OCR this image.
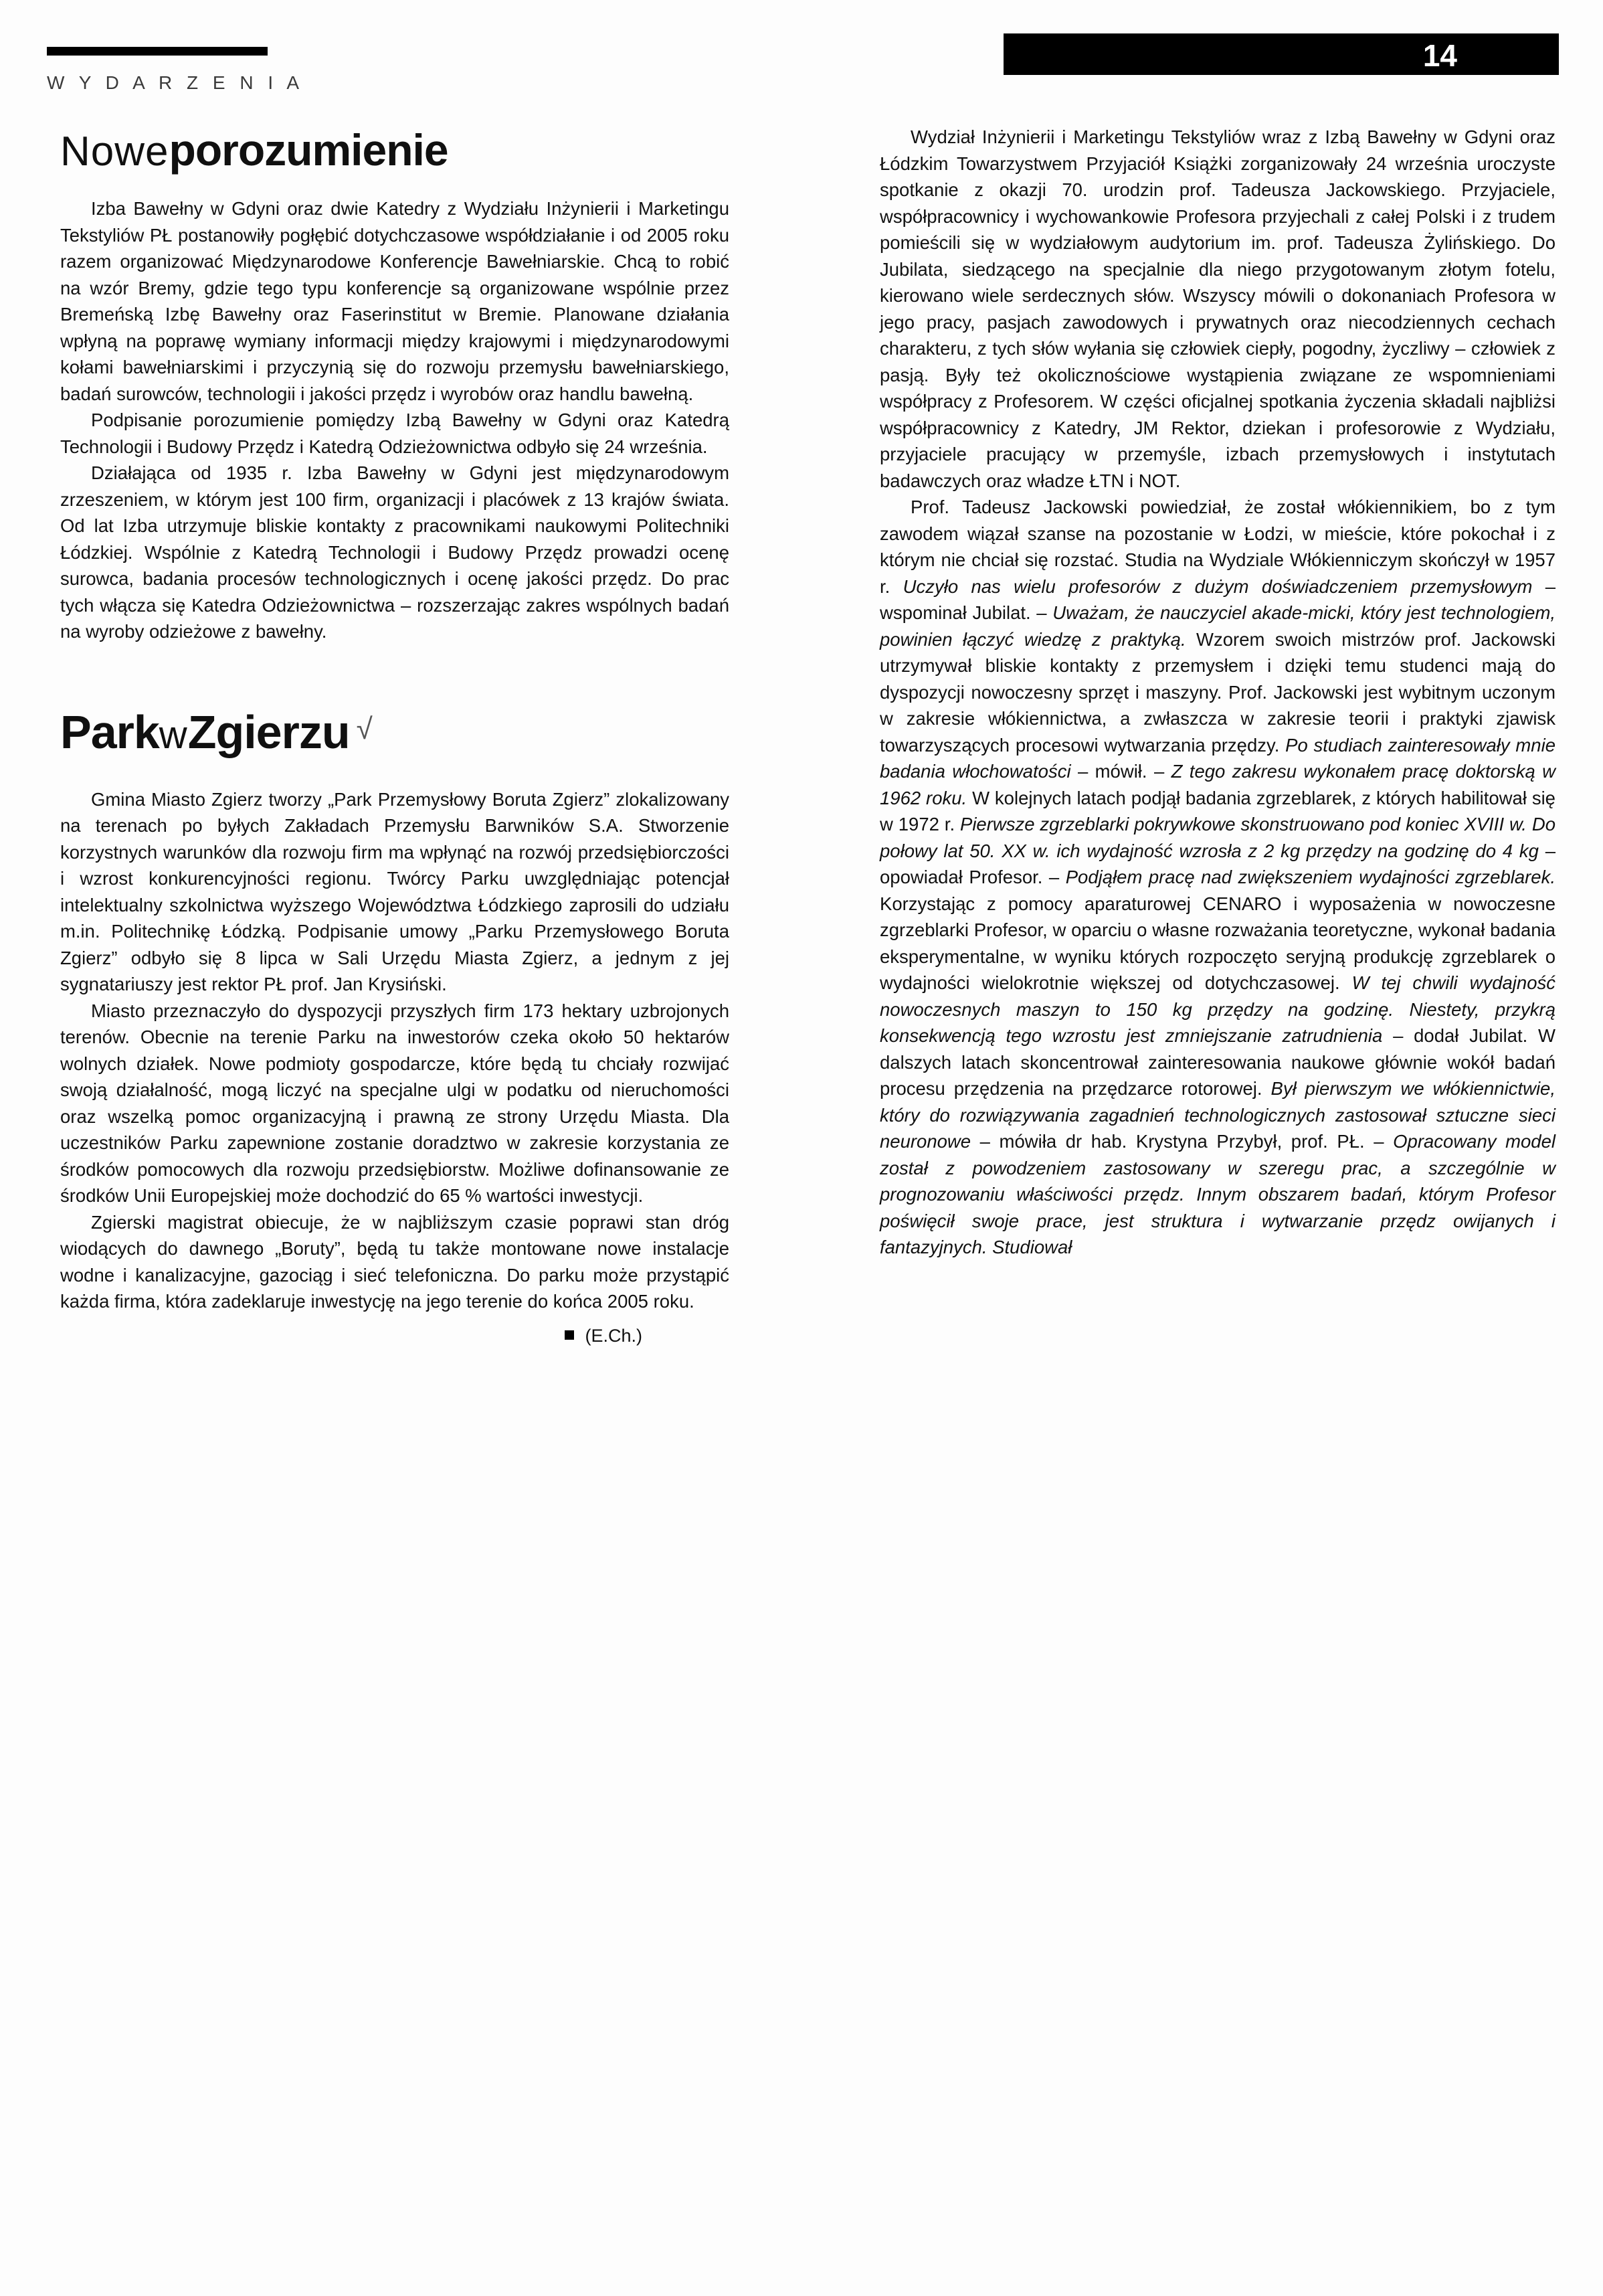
Życie Uczelni 10/2004 14
W Y D A R Z E N I A
Nowe porozumienie

Izba Bawełny w Gdyni oraz dwie Katedry z Wydziału Inżynierii i Marketingu Tekstyliów PŁ postanowiły pogłębić dotychczasowe współdziałanie i od 2005 roku razem organizować Międzynarodowe Konferencje Bawełniarskie. Chcą to robić na wzór Bremy, gdzie tego typu konferencje są organizowane wspólnie przez Bremeńską Izbę Bawełny oraz Faserinstitut w Bremie. Planowane działania wpłyną na poprawę wymiany informacji między krajowymi i międzynarodowymi kołami bawełniarskimi i przyczynią się do rozwoju przemysłu bawełniarskiego, badań surowców, technologii i jakości przędz i wyrobów oraz handlu bawełną.

Podpisanie porozumienie pomiędzy Izbą Bawełny w Gdyni oraz Katedrą Technologii i Budowy Przędz i Katedrą Odzieżownictwa odbyło się 24 września.

Działająca od 1935 r. Izba Bawełny w Gdyni jest międzynarodowym zrzeszeniem, w którym jest 100 firm, organizacji i placówek z 13 krajów świata. Od lat Izba utrzymuje bliskie kontakty z pracownikami naukowymi Politechniki Łódzkiej. Wspólnie z Katedrą Technologii i Budowy Przędz prowadzi ocenę surowca, badania procesów technologicznych i ocenę jakości przędz. Do prac tych włącza się Katedra Odzieżownictwa – rozszerzając zakres wspólnych badań na wyroby odzieżowe z bawełny.

Park w Zgierzu √

Gmina Miasto Zgierz tworzy „Park Przemysłowy Boruta Zgierz” zlokalizowany na terenach po byłych Zakładach Przemysłu Barwników S.A. Stworzenie korzystnych warunków dla rozwoju firm ma wpłynąć na rozwój przedsiębiorczości i wzrost konkurencyjności regionu. Twórcy Parku uwzględniając potencjał intelektualny szkolnictwa wyższego Województwa Łódzkiego zaprosili do udziału m.in. Politechnikę Łódzką. Podpisanie umowy „Parku Przemysłowego Boruta Zgierz” odbyło się 8 lipca w Sali Urzędu Miasta Zgierz, a jednym z jej sygnatariuszy jest rektor PŁ prof. Jan Krysiński.

Miasto przeznaczyło do dyspozycji przyszłych firm 173 hektary uzbrojonych terenów. Obecnie na terenie Parku na inwestorów czeka około 50 hektarów wolnych działek. Nowe podmioty gospodarcze, które będą tu chciały rozwijać swoją działalność, mogą liczyć na specjalne ulgi w podatku od nieruchomości oraz wszelką pomoc organizacyjną i prawną ze strony Urzędu Miasta. Dla uczestników Parku zapewnione zostanie doradztwo w zakresie korzystania ze środków pomocowych dla rozwoju przedsiębiorstw. Możliwe dofinansowanie ze środków Unii Europejskiej może dochodzić do 65 % wartości inwestycji.

Zgierski magistrat obiecuje, że w najbliższym czasie poprawi stan dróg wiodących do dawnego „Boruty”, będą tu także montowane nowe instalacje wodne i kanalizacyjne, gazociąg i sieć telefoniczna. Do parku może przystąpić każda firma, która zadeklaruje inwestycję na jego terenie do końca 2005 roku.

(E.Ch.)

Wydział Inżynierii i Marketingu Tekstyliów wraz z Izbą Bawełny w Gdyni oraz Łódzkim Towarzystwem Przyjaciół Książki zorganizowały 24 września uroczyste spotkanie z okazji 70. urodzin prof. Tadeusza Jackowskiego. Przyjaciele, współpracownicy i wychowankowie Profesora przyjechali z całej Polski i z trudem pomieścili się w wydziałowym audytorium im. prof. Tadeusza Żylińskiego. Do Jubilata, siedzącego na specjalnie dla niego przygotowanym złotym fotelu, kierowano wiele serdecznych słów. Wszyscy mówili o dokonaniach Profesora w jego pracy, pasjach zawodowych i prywatnych oraz niecodziennych cechach charakteru, z tych słów wyłania się człowiek ciepły, pogodny, życzliwy – człowiek z pasją. Były też okolicznościowe wystąpienia związane ze wspomnieniami współpracy z Profesorem. W części oficjalnej spotkania życzenia składali najbliżsi współpracownicy z Katedry, JM Rektor, dziekan i profesorowie z Wydziału, przyjaciele pracujący w przemyśle, izbach przemysłowych i instytutach badawczych oraz władze ŁTN i NOT.

Prof. Tadeusz Jackowski powiedział, że został włókiennikiem, bo z tym zawodem wiązał szanse na pozostanie w Łodzi, w mieście, które pokochał i z którym nie chciał się rozstać. Studia na Wydziale Włókienniczym skończył w 1957 r. Uczyło nas wielu profesorów z dużym doświadczeniem przemysłowym – wspominał Jubilat. – Uważam, że nauczyciel akade-micki, który jest technologiem, powinien łączyć wiedzę z praktyką. Wzorem swoich mistrzów prof. Jackowski utrzymywał bliskie kontakty z przemysłem i dzięki temu studenci mają do dyspozycji nowoczesny sprzęt i maszyny. Prof. Jackowski jest wybitnym uczonym w zakresie włókiennictwa, a zwłaszcza w zakresie teorii i praktyki zjawisk towarzyszących procesowi wytwarzania przędzy. Po studiach zainteresowały mnie badania włochowatości – mówił. – Z tego zakresu wykonałem pracę doktorską w 1962 roku. W kolejnych latach podjął badania zgrzeblarek, z których habilitował się w 1972 r. Pierwsze zgrzeblarki pokrywkowe skonstruowano pod koniec XVIII w. Do połowy lat 50. XX w. ich wydajność wzrosła z 2 kg przędzy na godzinę do 4 kg – opowiadał Profesor. – Podjąłem pracę nad zwiększeniem wydajności zgrzeblarek. Korzystając z pomocy aparaturowej CENARO i wyposażenia w nowoczesne zgrzeblarki Profesor, w oparciu o własne rozważania teoretyczne, wykonał badania eksperymentalne, w wyniku których rozpoczęto seryjną produkcję zgrzeblarek o wydajności wielokrotnie większej od dotychczasowej. W tej chwili wydajność nowoczesnych maszyn to 150 kg przędzy na godzinę. Niestety, przykrą konsekwencją tego wzrostu jest zmniejszanie zatrudnienia – dodał Jubilat. W dalszych latach skoncentrował zainteresowania naukowe głównie wokół badań procesu przędzenia na przędzarce rotorowej. Był pierwszym we włókiennictwie, który do rozwiązywania zagadnień technologicznych zastosował sztuczne sieci neuronowe – mówiła dr hab. Krystyna Przybył, prof. PŁ. – Opracowany model został z powodzeniem zastosowany w szeregu prac, a szczególnie w prognozowaniu właściwości przędz. Innym obszarem badań, którym Profesor poświęcił swoje prace, jest struktura i wytwarzanie przędz owijanych i fantazyjnych. Studiował
